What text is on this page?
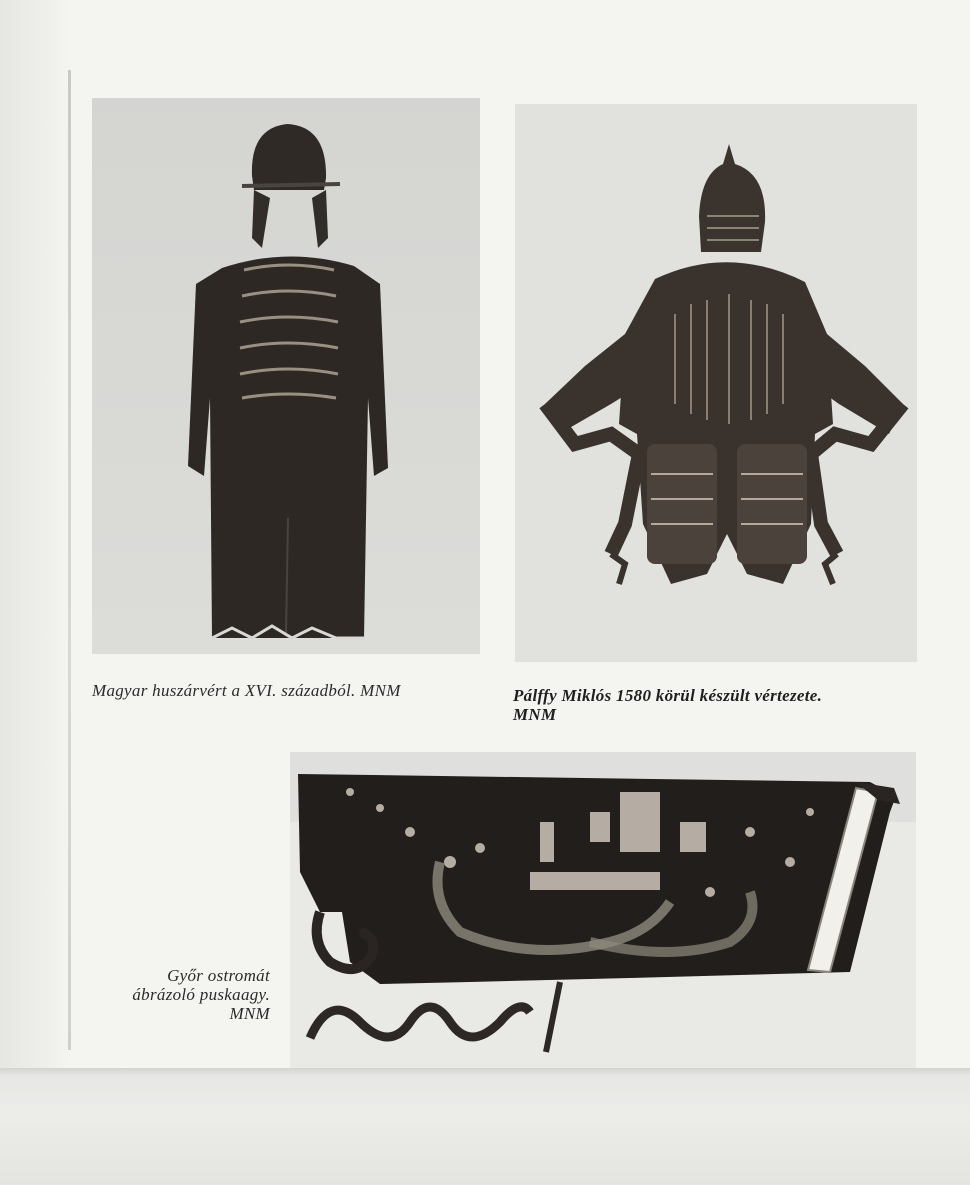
Magyar huszárvért a XVI. századból. MNM	Pálffy Miklós 1580 körül készült vértezete.
MNM
Győr ostromát
ábrázoló puskaagy.
MNM
